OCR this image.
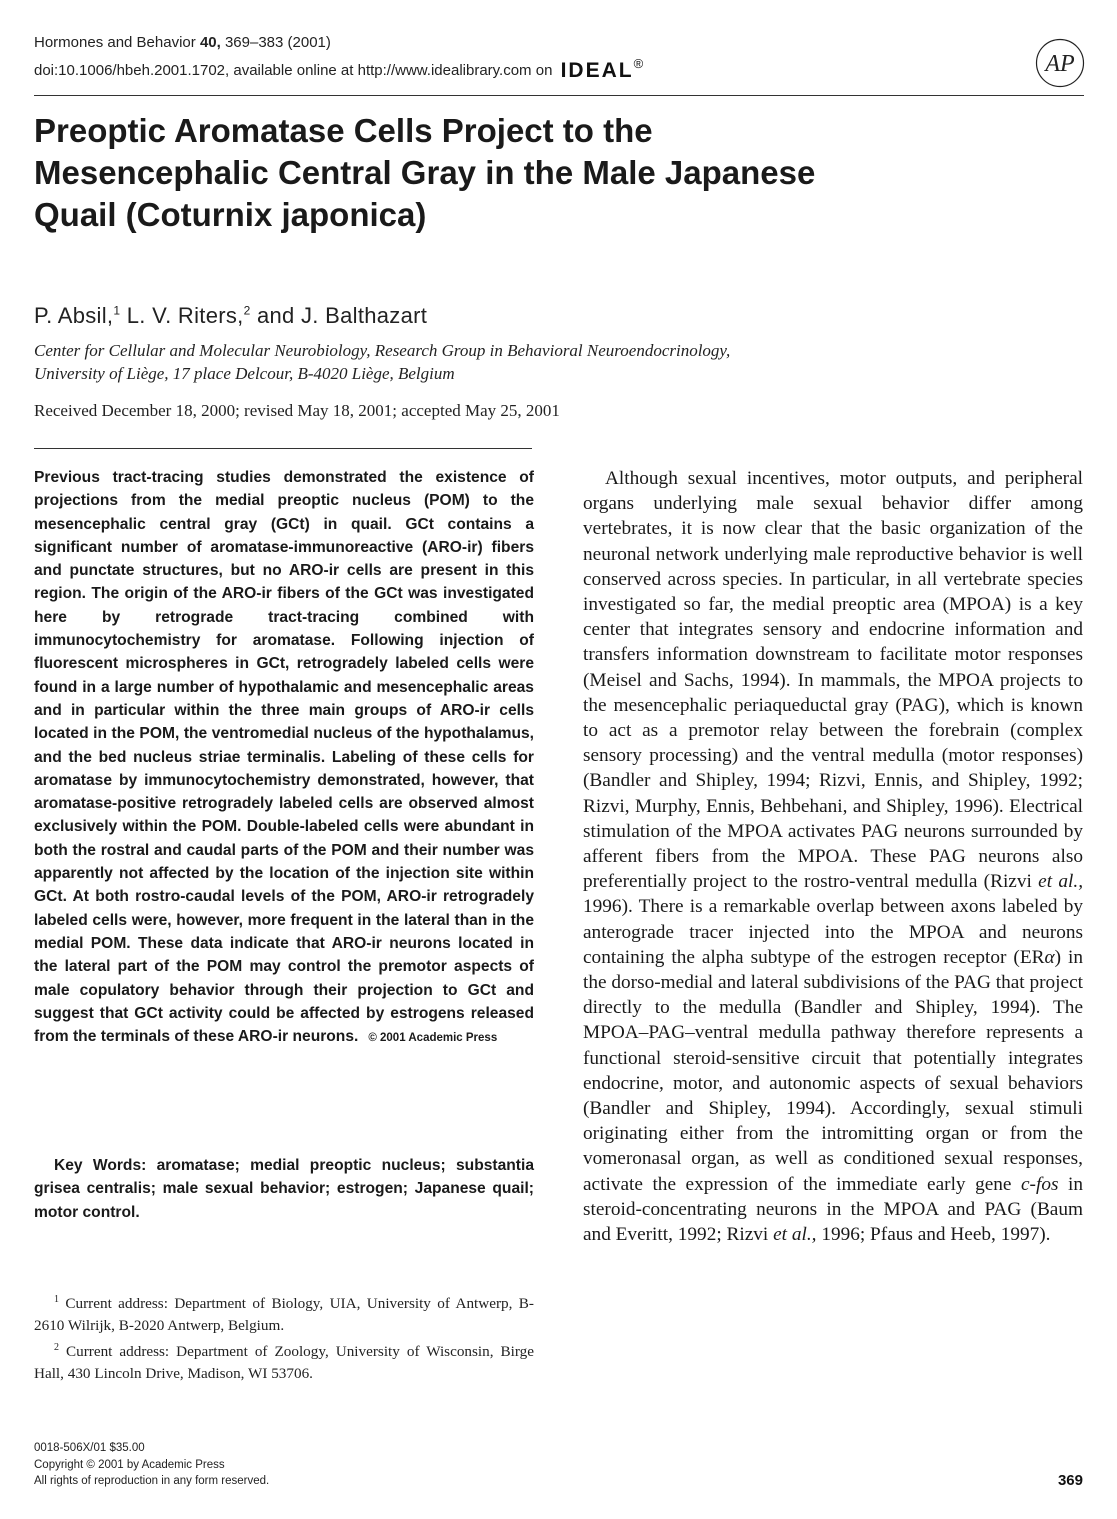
Hormones and Behavior 40, 369–383 (2001)
doi:10.1006/hbeh.2001.1702, available online at http://www.idealibrary.com on IDEAL®	AP
Preoptic Aromatase Cells Project to the Mesencephalic Central Gray in the Male Japanese Quail (Coturnix japonica)
P. Absil,$^1$ L. V. Riters,$^2$ and J. Balthazart
Center for Cellular and Molecular Neurobiology, Research Group in Behavioral Neuroendocrinology, University of Liège, 17 place Delcour, B-4020 Liège, Belgium
Received December 18, 2000; revised May 18, 2001; accepted May 25, 2001

Previous tract-tracing studies demonstrated the existence of projections from the medial preoptic nucleus (POM) to the mesencephalic central gray (GCt) in quail. GCt contains a significant number of aromatase-immunoreactive (ARO-ir) fibers and punctate structures, but no ARO-ir cells are present in this region. The origin of the ARO-ir fibers of the GCt was investigated here by retrograde tract-tracing combined with immunocytochemistry for aromatase. Following injection of fluorescent microspheres in GCt, retrogradely labeled cells were found in a large number of hypothalamic and mesencephalic areas and in particular within the three main groups of ARO-ir cells located in the POM, the ventromedial nucleus of the hypothalamus, and the bed nucleus striae terminalis. Labeling of these cells for aromatase by immunocytochemistry demonstrated, however, that aromatase-positive retrogradely labeled cells are observed almost exclusively within the POM. Double-labeled cells were abundant in both the rostral and caudal parts of the POM and their number was apparently not affected by the location of the injection site within GCt. At both rostro-caudal levels of the POM, ARO-ir retrogradely labeled cells were, however, more frequent in the lateral than in the medial POM. These data indicate that ARO-ir neurons located in the lateral part of the POM may control the premotor aspects of male copulatory behavior through their projection to GCt and suggest that GCt activity could be affected by estrogens released from the terminals of these ARO-ir neurons. © 2001 Academic Press

Key Words: aromatase; medial preoptic nucleus; substantia grisea centralis; male sexual behavior; estrogen; Japanese quail; motor control.

$^1$ Current address: Department of Biology, UIA, University of Antwerp, B-2610 Wilrijk, B-2020 Antwerp, Belgium.

$^2$ Current address: Department of Zoology, University of Wisconsin, Birge Hall, 430 Lincoln Drive, Madison, WI 53706.

Although sexual incentives, motor outputs, and peripheral organs underlying male sexual behavior differ among vertebrates, it is now clear that the basic organization of the neuronal network underlying male reproductive behavior is well conserved across species. In particular, in all vertebrate species investigated so far, the medial preoptic area (MPOA) is a key center that integrates sensory and endocrine information and transfers information downstream to facilitate motor responses (Meisel and Sachs, 1994). In mammals, the MPOA projects to the mesencephalic periaqueductal gray (PAG), which is known to act as a premotor relay between the forebrain (complex sensory processing) and the ventral medulla (motor responses) (Bandler and Shipley, 1994; Rizvi, Ennis, and Shipley, 1992; Rizvi, Murphy, Ennis, Behbehani, and Shipley, 1996). Electrical stimulation of the MPOA activates PAG neurons surrounded by afferent fibers from the MPOA. These PAG neurons also preferentially project to the rostro-ventral medulla (Rizvi et al., 1996). There is a remarkable overlap between axons labeled by anterograde tracer injected into the MPOA and neurons containing the alpha subtype of the estrogen receptor (ERα) in the dorso-medial and lateral subdivisions of the PAG that project directly to the medulla (Bandler and Shipley, 1994). The MPOA–PAG–ventral medulla pathway therefore represents a functional steroid-sensitive circuit that potentially integrates endocrine, motor, and autonomic aspects of sexual behaviors (Bandler and Shipley, 1994). Accordingly, sexual stimuli originating either from the intromitting organ or from the vomeronasal organ, as well as conditioned sexual responses, activate the expression of the immediate early gene c-fos in steroid-concentrating neurons in the MPOA and PAG (Baum and Everitt, 1992; Rizvi et al., 1996; Pfaus and Heeb, 1997).

0018-506X/01 $35.00
Copyright © 2001 by Academic Press
All rights of reproduction in any form reserved.	369
